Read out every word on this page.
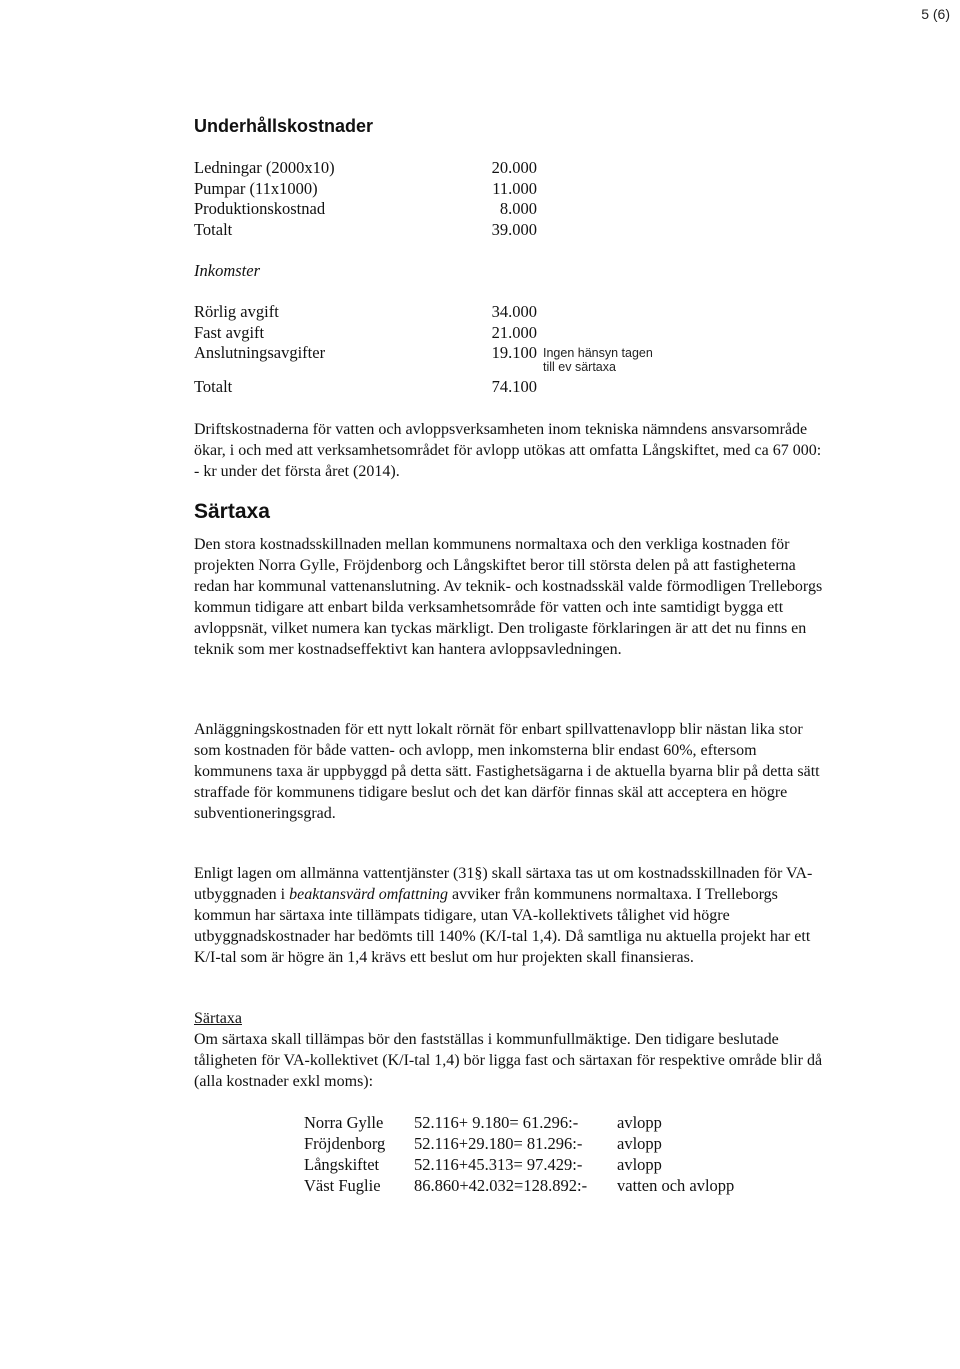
5 (6)
Underhållskostnader
Ledningar (2000x10)	20.000
Pumpar (11x1000)	11.000
Produktionskostnad	8.000
Totalt	39.000
Inkomster
Rörlig avgift	34.000
Fast avgift	21.000
Anslutningsavgifter	19.100 Ingen hänsyn tagen
till ev särtaxa
Totalt	74.100

Driftskostnaderna för vatten och avloppsverksamheten inom tekniska nämndens ansvarsområde ökar, i och med att verksamhetsområdet för avlopp utökas att omfatta Långskiftet, med ca 67 000: - kr under det första året (2014).

Särtaxa

Den stora kostnadsskillnaden mellan kommunens normaltaxa och den verkliga kostnaden för projekten Norra Gylle, Fröjdenborg och Långskiftet beror till största delen på att fastigheterna redan har kommunal vattenanslutning. Av teknik- och kostnadsskäl valde förmodligen Trelleborgs kommun tidigare att enbart bilda verksamhetsområde för vatten och inte samtidigt bygga ett avloppsnät, vilket numera kan tyckas märkligt. Den troligaste förklaringen är att det nu finns en teknik som mer kostnadseffektivt kan hantera avloppsavledningen.

Anläggningskostnaden för ett nytt lokalt rörnät för enbart spillvattenavlopp blir nästan lika stor som kostnaden för både vatten- och avlopp, men inkomsterna blir endast 60%, eftersom kommunens taxa är uppbyggd på detta sätt. Fastighetsägarna i de aktuella byarna blir på detta sätt straffade för kommunens tidigare beslut och det kan därför finnas skäl att acceptera en högre subventioneringsgrad.

Enligt lagen om allmänna vattentjänster (31§) skall särtaxa tas ut om kostnadsskillnaden för VA-utbyggnaden i beaktansvärd omfattning avviker från kommunens normaltaxa. I Trelleborgs kommun har särtaxa inte tillämpats tidigare, utan VA-kollektivets tålighet vid högre utbyggnadskostnader har bedömts till 140% (K/I-tal 1,4). Då samtliga nu aktuella projekt har ett K/I-tal som är högre än 1,4 krävs ett beslut om hur projekten skall finansieras.

Särtaxa
Om särtaxa skall tillämpas bör den fastställas i kommunfullmäktige. Den tidigare beslutade tåligheten för VA-kollektivet (K/I-tal 1,4) bör ligga fast och särtaxan för respektive område blir då (alla kostnader exkl moms):

Norra Gylle	52.116+ 9.180= 61.296:-	avlopp
Fröjdenborg	52.116+29.180= 81.296:-	avlopp
Långskiftet	52.116+45.313= 97.429:-	avlopp
Väst Fuglie	86.860+42.032=128.892:-	vatten och avlopp
